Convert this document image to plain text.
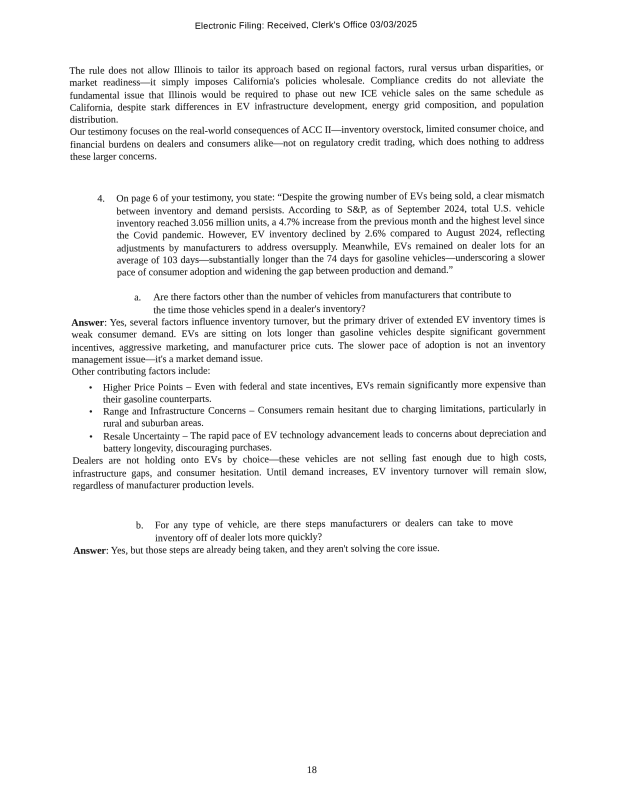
Electronic Filing: Received, Clerk's Office 03/03/2025

The rule does not allow Illinois to tailor its approach based on regional factors, rural versus urban disparities, or market readiness—it simply imposes California's policies wholesale. Compliance credits do not alleviate the fundamental issue that Illinois would be required to phase out new ICE vehicle sales on the same schedule as California, despite stark differences in EV infrastructure development, energy grid composition, and population distribution.

Our testimony focuses on the real-world consequences of ACC II—inventory overstock, limited consumer choice, and financial burdens on dealers and consumers alike—not on regulatory credit trading, which does nothing to address these larger concerns.

4. On page 6 of your testimony, you state: “Despite the growing number of EVs being sold, a clear mismatch between inventory and demand persists. According to S&P, as of September 2024, total U.S. vehicle inventory reached 3.056 million units, a 4.7% increase from the previous month and the highest level since the Covid pandemic. However, EV inventory declined by 2.6% compared to August 2024, reflecting adjustments by manufacturers to address oversupply. Meanwhile, EVs remained on dealer lots for an average of 103 days—substantially longer than the 74 days for gasoline vehicles—underscoring a slower pace of consumer adoption and widening the gap between production and demand.”
a. Are there factors other than the number of vehicles from manufacturers that contribute to the time those vehicles spend in a dealer's inventory?

Answer: Yes, several factors influence inventory turnover, but the primary driver of extended EV inventory times is weak consumer demand. EVs are sitting on lots longer than gasoline vehicles despite significant government incentives, aggressive marketing, and manufacturer price cuts. The slower pace of adoption is not an inventory management issue—it's a market demand issue.

Other contributing factors include:

• Higher Price Points – Even with federal and state incentives, EVs remain significantly more expensive than their gasoline counterparts.
• Range and Infrastructure Concerns – Consumers remain hesitant due to charging limitations, particularly in rural and suburban areas.
• Resale Uncertainty – The rapid pace of EV technology advancement leads to concerns about depreciation and battery longevity, discouraging purchases.

Dealers are not holding onto EVs by choice—these vehicles are not selling fast enough due to high costs, infrastructure gaps, and consumer hesitation. Until demand increases, EV inventory turnover will remain slow, regardless of manufacturer production levels.

b. For any type of vehicle, are there steps manufacturers or dealers can take to move inventory off of dealer lots more quickly?

Answer: Yes, but those steps are already being taken, and they aren't solving the core issue.

18
